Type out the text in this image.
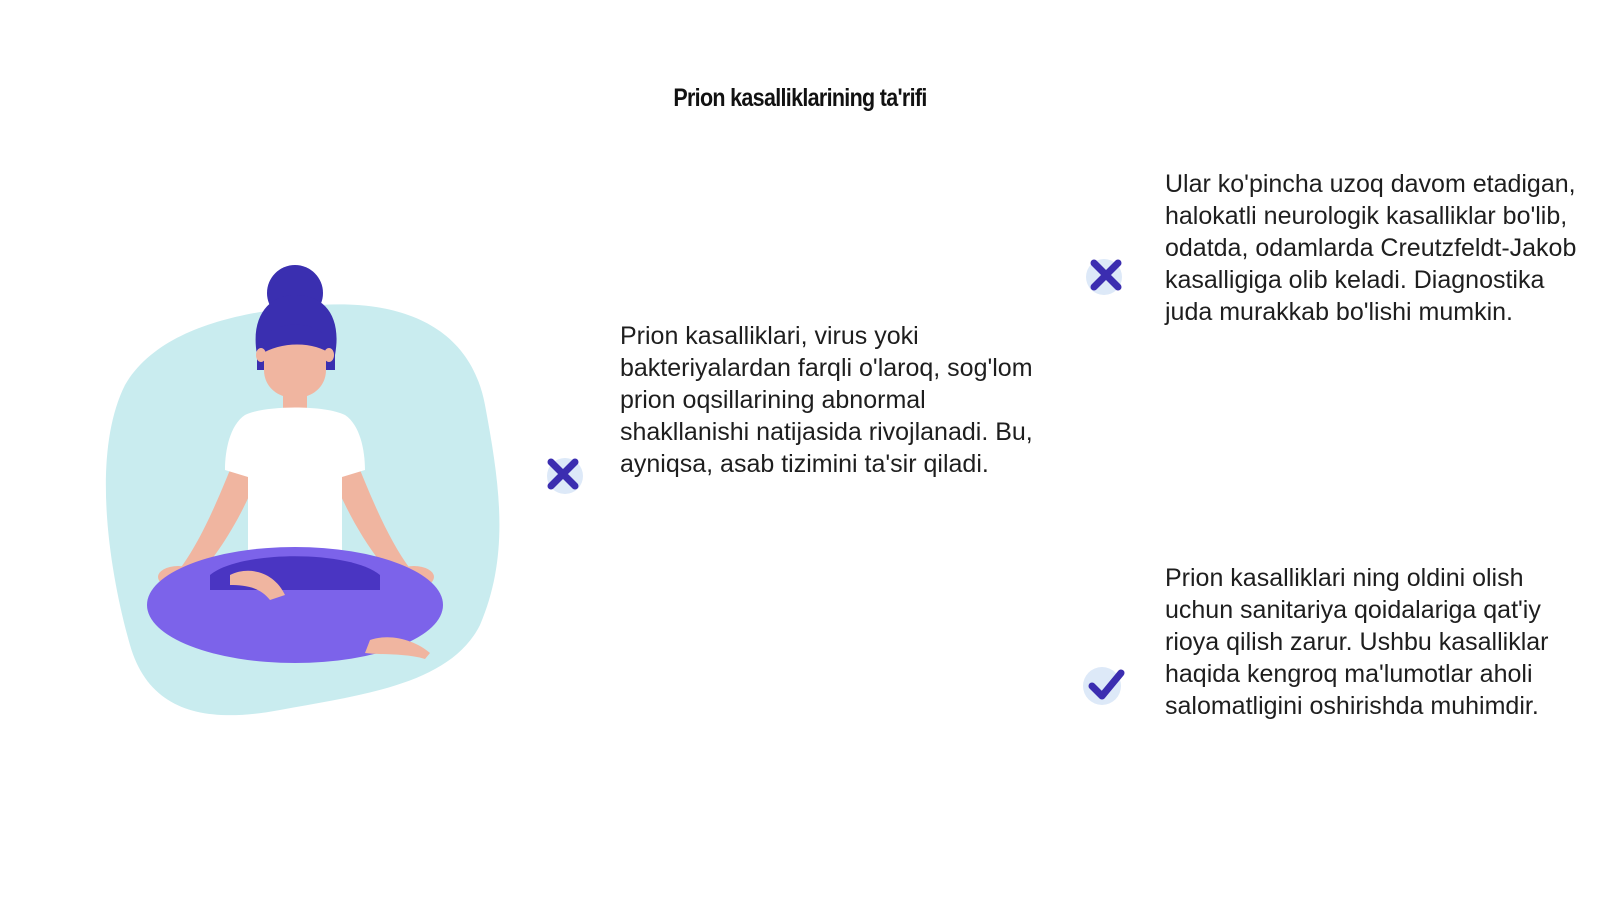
Prion kasalliklarining ta'rifi

Prion kasalliklari, virus yoki bakteriyalardan farqli o'laroq, sog'lom prion oqsillarining abnormal shakllanishi natijasida rivojlanadi. Bu, ayniqsa, asab tizimini ta'sir qiladi.

Ular ko'pincha uzoq davom etadigan, halokatli neurologik kasalliklar bo'lib, odatda, odamlarda Creutzfeldt-Jakob kasalligiga olib keladi. Diagnostika juda murakkab bo'lishi mumkin.

Prion kasalliklari ning oldini olish uchun sanitariya qoidalariga qat'iy rioya qilish zarur. Ushbu kasalliklar haqida kengroq ma'lumotlar aholi salomatligini oshirishda muhimdir.
